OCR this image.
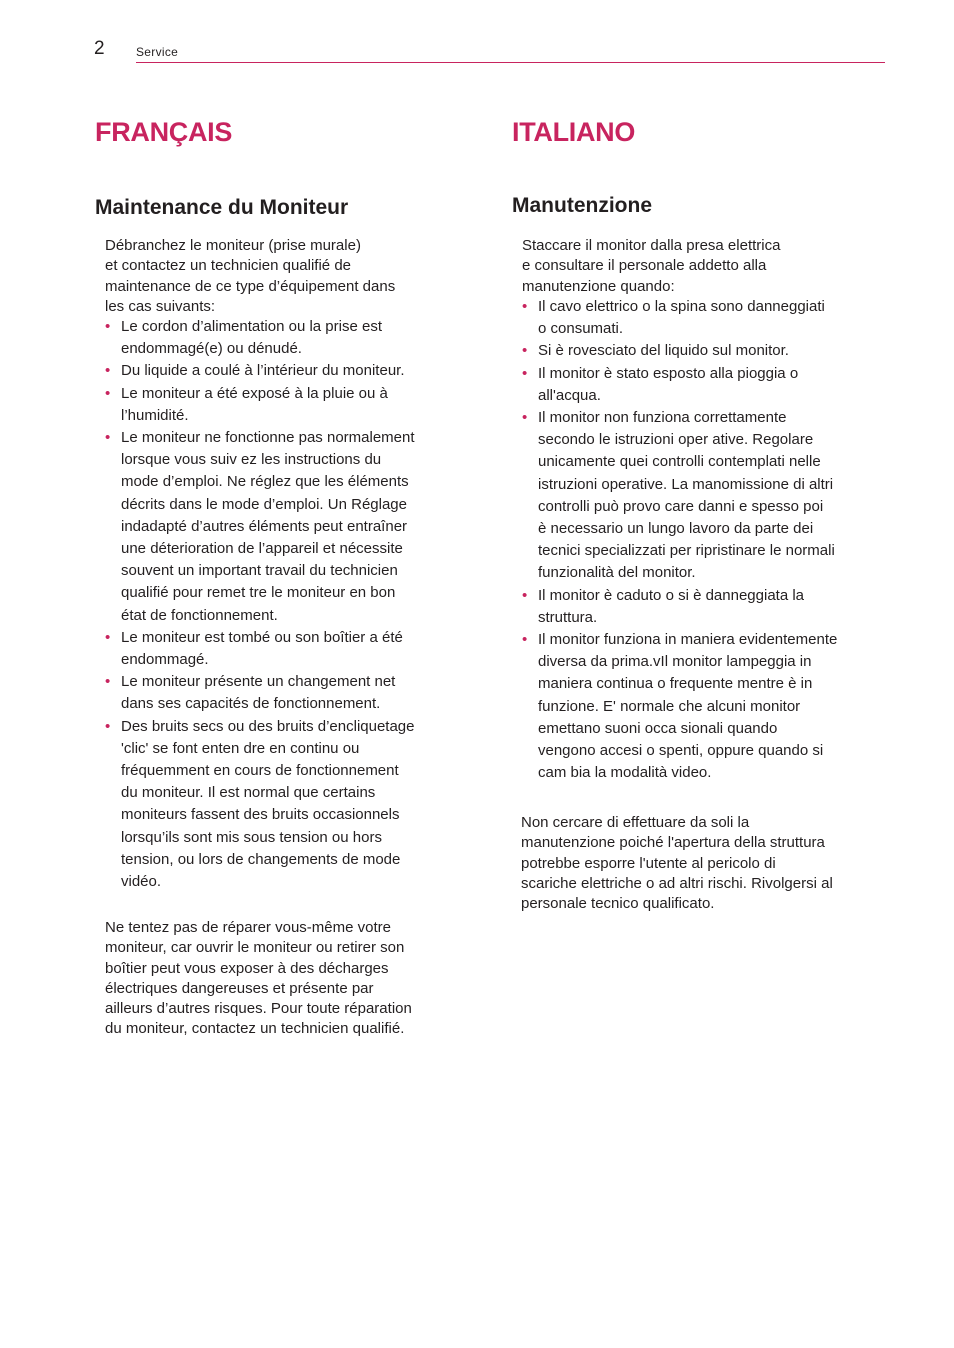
2	Service
FRANÇAIS
Maintenance du Moniteur

Débranchez le moniteur (prise murale)
et contactez un technicien qualifié de
maintenance de ce type d’équipement dans
les cas suivants:

• Le cordon d’alimentation ou la prise est
endommagé(e) ou dénudé.
• Du liquide a coulé à l’intérieur du moniteur.
• Le moniteur a été exposé à la pluie ou à
l’humidité.
• Le moniteur ne fonctionne pas normalement
lorsque vous suiv ez les instructions du
mode d’emploi. Ne réglez que les éléments
décrits dans le mode d’emploi. Un Réglage
indadapté d’autres éléments peut entraîner
une déterioration de l’appareil et nécessite
souvent un important travail du technicien
qualifié pour remet tre le moniteur en bon
état de fonctionnement.
• Le moniteur est tombé ou son boîtier a été
endommagé.
• Le moniteur présente un changement net
dans ses capacités de fonctionnement.
• Des bruits secs ou des bruits d’encliquetage
'clic' se font enten dre en continu ou
fréquemment en cours de fonctionnement
du moniteur. Il est normal que certains
moniteurs fassent des bruits occasionnels
lorsqu’ils sont mis sous tension ou hors
tension, ou lors de changements de mode
vidéo.

Ne tentez pas de réparer vous-même votre
moniteur, car ouvrir le moniteur ou retirer son
boîtier peut vous exposer à des décharges
électriques dangereuses et présente par
ailleurs d’autres risques. Pour toute réparation
du moniteur, contactez un technicien qualifié.

ITALIANO
Manutenzione

Staccare il monitor dalla presa elettrica
e consultare il personale addetto alla
manutenzione quando:

• Il cavo elettrico o la spina sono danneggiati
o consumati.
• Si è rovesciato del liquido sul monitor.
• Il monitor è stato esposto alla pioggia o
all'acqua.
• Il monitor non funziona correttamente
secondo le istruzioni oper ative. Regolare
unicamente quei controlli contemplati nelle
istruzioni operative. La manomissione di altri
controlli può provo care danni e spesso poi
è necessario un lungo lavoro da parte dei
tecnici specializzati per ripristinare le normali
funzionalità del monitor.
• Il monitor è caduto o si è danneggiata la
struttura.
• Il monitor funziona in maniera evidentemente
diversa da prima.vIl monitor lampeggia in
maniera continua o frequente mentre è in
funzione. E' normale che alcuni monitor
emettano suoni occa sionali quando
vengono accesi o spenti, oppure quando si
cam bia la modalità video.

Non cercare di effettuare da soli la
manutenzione poiché l'apertura della struttura
potrebbe esporre l'utente al pericolo di
scariche elettriche o ad altri rischi. Rivolgersi al
personale tecnico qualificato.
